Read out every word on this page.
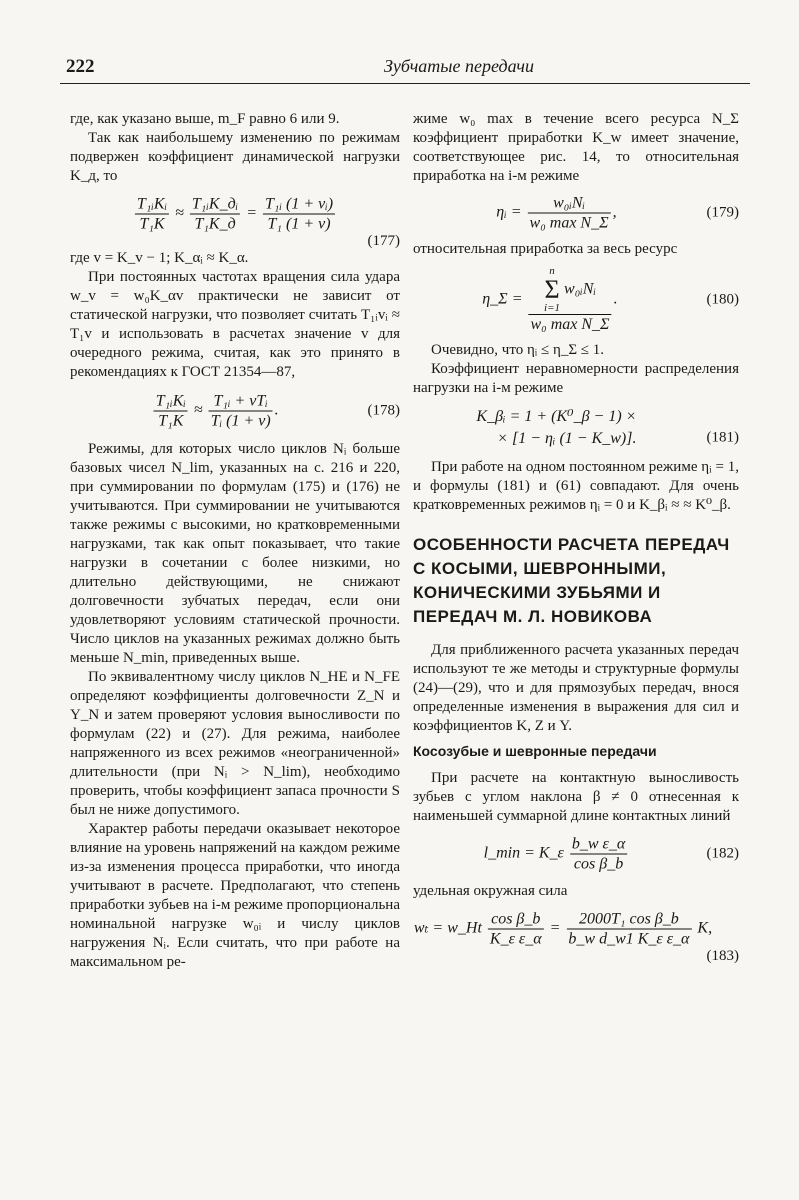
222	Зубчатые передачи

где, как указано выше, m_F равно 6 или 9.

Так как наибольшему изменению по режимам подвержен коэффициент динамической нагрузки K_д, то

$\frac{\text{T₁ᵢKᵢ}}{\text{T₁K}} \approx \frac{\text{T₁ᵢK\_дᵢ}}{\text{T₁K\_д}} = \frac{\text{T₁ᵢ (1 + vᵢ)}}{\text{T₁ (1 + v)}}$
(177)

где v = K_v − 1; K_αᵢ ≈ K_α.

При постоянных частотах вращения сила удара w_v = w₀K_αv практически не зависит от статической нагрузки, что позволяет считать T₁ᵢvᵢ ≈ T₁v и использовать в расчетах значение v для очередного режима, считая, как это принято в рекомендациях к ГОСТ 21354—87,

$\frac{\text{T₁ᵢKᵢ}}{\text{T₁K}} \approx \frac{\text{T₁ᵢ + vTᵢ}}{\text{Tᵢ (1 + v)}}$ .	(178)

Режимы, для которых число циклов Nᵢ больше базовых чисел N_lim, указанных на с. 216 и 220, при суммировании по формулам (175) и (176) не учитываются. При суммировании не учитываются также режимы с высокими, но кратковременными нагрузками, так как опыт показывает, что такие нагрузки в сочетании с более низкими, но длительно действующими, не снижают долговечности зубчатых передач, если они удовлетворяют условиям статической прочности. Число циклов на указанных режимах должно быть меньше N_min, приведенных выше.

По эквивалентному числу циклов N_HE и N_FE определяют коэффициенты долговечности Z_N и Y_N и затем проверяют условия выносливости по формулам (22) и (27). Для режима, наиболее напряженного из всех режимов «неограниченной» длительности (при Nᵢ > N_lim), необходимо проверить, чтобы коэффициент запаса прочности S был не ниже допустимого.

Характер работы передачи оказывает некоторое влияние на уровень напряжений на каждом режиме из-за изменения процесса приработки, что иногда учитывают в расчете. Предполагают, что степень приработки зубьев на i-м режиме пропорциональна номинальной нагрузке w₀ᵢ и числу циклов нагружения Nᵢ. Если считать, что при работе на максимальном ре-

жиме w₀ max в течение всего ресурса N_Σ коэффициент приработки K_w имеет значение, соответствующее рис. 14, то относительная приработка на i-м режиме

ηᵢ = $\frac{\text{w₀ᵢNᵢ}}{\text{w₀ max N\_Σ}}$ ,	(179)

относительная приработка за весь ресурс

η_Σ = n
Σ
i=1 w₀ᵢNᵢ
w₀ max N_Σ .	(180)

Очевидно, что ηᵢ ≤ η_Σ ≤ 1.

Коэффициент неравномерности распределения нагрузки на i-м режиме

K_βᵢ = 1 + (K⁰_β − 1) ×
× [1 − ηᵢ (1 − K_w)].	(181)

При работе на одном постоянном режиме ηᵢ = 1, и формулы (181) и (61) совпадают. Для очень кратковременных режимов ηᵢ = 0 и K_βᵢ ≈ ≈ K⁰_β.

ОСОБЕННОСТИ РАСЧЕТА ПЕРЕДАЧ С КОСЫМИ, ШЕВРОННЫМИ, КОНИЧЕСКИМИ ЗУБЬЯМИ И ПЕРЕДАЧ М. Л. НОВИКОВА

Для приближенного расчета указанных передач используют те же методы и структурные формулы (24)—(29), что и для прямозубых передач, внося определенные изменения в выражения для сил и коэффициентов K, Z и Y.

Косозубые и шевронные передачи

При расчете на контактную выносливость зубьев с углом наклона β ≠ 0 отнесенная к наименьшей суммарной длине контактных линий

l_min = K_ε $\frac{\text{b\_w ε\_α}}{\text{cos β\_b}}$	(182)

удельная окружная сила

wₜ = w_Ht $\frac{\text{cos β\_b}}{\text{K\_ε ε\_α}} = \frac{\text{2000T₁ cos β\_b}}{\text{b\_w d\_w1 K\_ε ε\_α}} K$,
(183)
